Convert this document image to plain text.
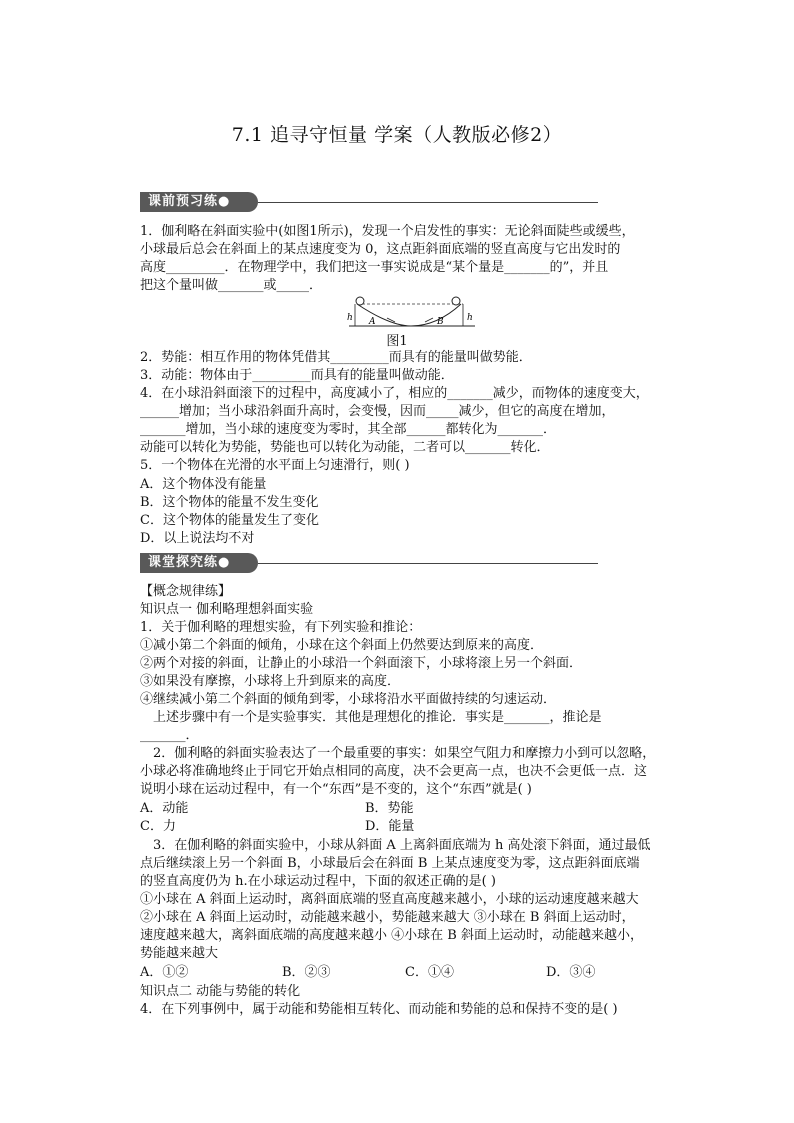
7.1 追寻守恒量 学案（人教版必修2）
课前预习练●
1．伽利略在斜面实验中(如图1所示)，发现一个启发性的事实：无论斜面陡些或缓些，
小球最后总会在斜面上的某点速度变为 0，这点距斜面底端的竖直高度与它出发时的
高度_________．在物理学中，我们把这一事实说成是“某个量是_______的”，并且
把这个量叫做_______或_____．
h A	B	h
图1
2．势能：相互作用的物体凭借其_________而具有的能量叫做势能．
3．动能：物体由于_________而具有的能量叫做动能．
4．在小球沿斜面滚下的过程中，高度减小了，相应的_______减少，而物体的速度变大，
______增加；当小球沿斜面升高时，会变慢，因而_____减少，但它的高度在增加，
_______增加，当小球的速度变为零时，其全部______都转化为_______．
动能可以转化为势能，势能也可以转化为动能，二者可以_______转化．
5．一个物体在光滑的水平面上匀速滑行，则( )
A．这个物体没有能量
B．这个物体的能量不发生变化
C．这个物体的能量发生了变化
D．以上说法均不对
课堂探究练●
【概念规律练】
知识点一 伽利略理想斜面实验
1．关于伽利略的理想实验，有下列实验和推论：
①减小第二个斜面的倾角，小球在这个斜面上仍然要达到原来的高度．
②两个对接的斜面，让静止的小球沿一个斜面滚下，小球将滚上另一个斜面．
③如果没有摩擦，小球将上升到原来的高度．
④继续减小第二个斜面的倾角到零，小球将沿水平面做持续的匀速运动．
上述步骤中有一个是实验事实．其他是理想化的推论．事实是_______，推论是
_______．
2．伽利略的斜面实验表达了一个最重要的事实：如果空气阻力和摩擦力小到可以忽略，
小球必将准确地终止于同它开始点相同的高度，决不会更高一点，也决不会更低一点．这
说明小球在运动过程中，有一个“东西”是不变的，这个“东西”就是( )
A．动能	B．势能
C．力	D．能量
3．在伽利略的斜面实验中，小球从斜面 A 上离斜面底端为 h 高处滚下斜面，通过最低
点后继续滚上另一个斜面 B，小球最后会在斜面 B 上某点速度变为零，这点距斜面底端
的竖直高度仍为 h.在小球运动过程中，下面的叙述正确的是( )
①小球在 A 斜面上运动时，离斜面底端的竖直高度越来越小，小球的运动速度越来越大
②小球在 A 斜面上运动时，动能越来越小，势能越来越大 ③小球在 B 斜面上运动时，
速度越来越大，离斜面底端的高度越来越小 ④小球在 B 斜面上运动时，动能越来越小，
势能越来越大
A．①②	B．②③	C．①④	D．③④
知识点二 动能与势能的转化
4．在下列事例中，属于动能和势能相互转化、而动能和势能的总和保持不变的是( )
